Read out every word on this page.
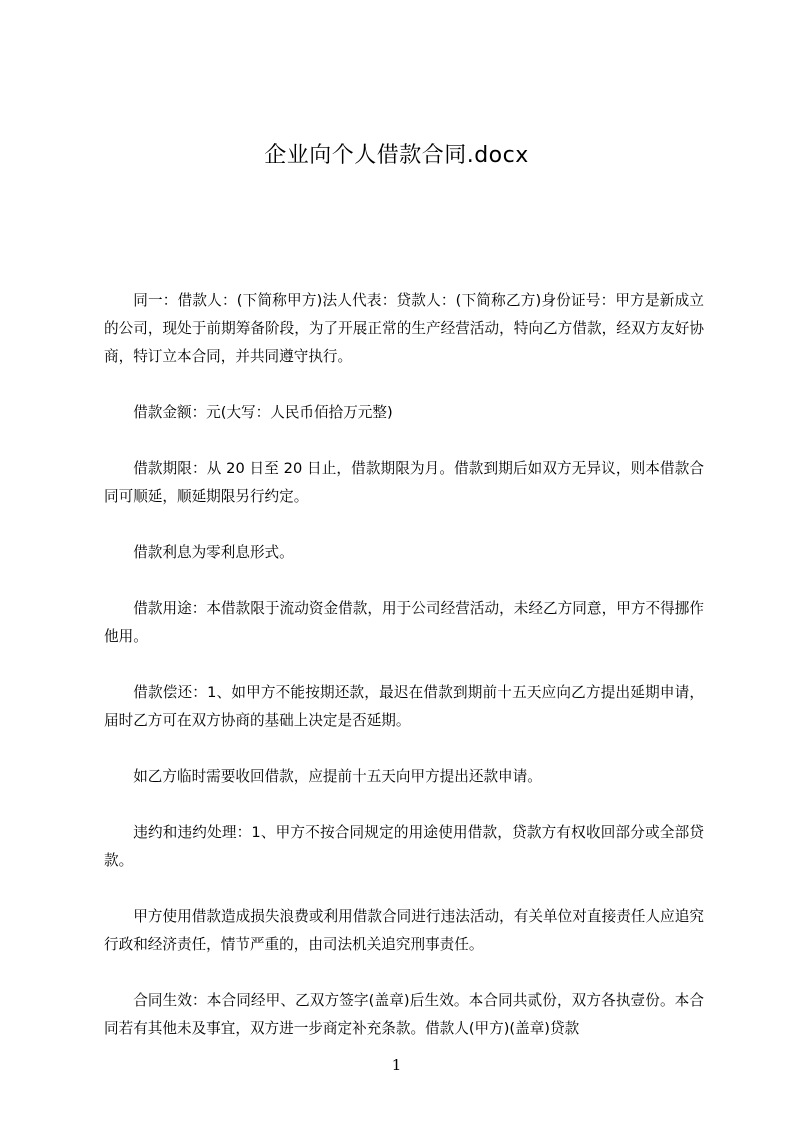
企业向个人借款合同.docx

同一：借款人：(下简称甲方)法人代表：贷款人：(下简称乙方)身份证号：甲方是新成立的公司，现处于前期筹备阶段，为了开展正常的生产经营活动，特向乙方借款，经双方友好协商，特订立本合同，并共同遵守执行。

借款金额：元(大写：人民币佰拾万元整)

借款期限：从 20 日至 20 日止，借款期限为月。借款到期后如双方无异议，则本借款合同可顺延，顺延期限另行约定。

借款利息为零利息形式。

借款用途：本借款限于流动资金借款，用于公司经营活动，未经乙方同意，甲方不得挪作他用。

借款偿还：1、如甲方不能按期还款，最迟在借款到期前十五天应向乙方提出延期申请，届时乙方可在双方协商的基础上决定是否延期。

如乙方临时需要收回借款，应提前十五天向甲方提出还款申请。

违约和违约处理：1、甲方不按合同规定的用途使用借款，贷款方有权收回部分或全部贷款。

甲方使用借款造成损失浪费或利用借款合同进行违法活动，有关单位对直接责任人应追究行政和经济责任，情节严重的，由司法机关追究刑事责任。

合同生效：本合同经甲、乙双方签字(盖章)后生效。本合同共贰份，双方各执壹份。本合同若有其他未及事宜，双方进一步商定补充条款。借款人(甲方)(盖章)贷款

1
